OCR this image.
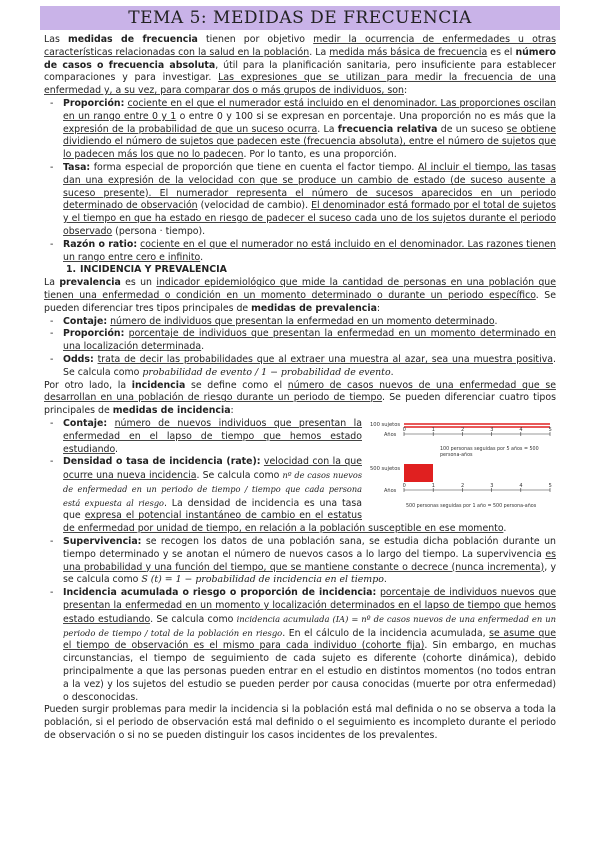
TEMA 5: MEDIDAS DE FRECUENCIA

Las medidas de frecuencia tienen por objetivo medir la ocurrencia de enfermedades u otras características relacionadas con la salud en la población. La medida más básica de frecuencia es el número de casos o frecuencia absoluta, útil para la planificación sanitaria, pero insuficiente para establecer comparaciones y para investigar. Las expresiones que se utilizan para medir la frecuencia de una enfermedad y, a su vez, para comparar dos o más grupos de individuos, son:

- Proporción: cociente en el que el numerador está incluido en el denominador. Las proporciones oscilan en un rango entre 0 y 1 o entre 0 y 100 si se expresan en porcentaje. Una proporción no es más que la expresión de la probabilidad de que un suceso ocurra. La frecuencia relativa de un suceso se obtiene dividiendo el número de sujetos que padecen este (frecuencia absoluta), entre el número de sujetos que lo padecen más los que no lo padecen. Por lo tanto, es una proporción.
- Tasa: forma especial de proporción que tiene en cuenta el factor tiempo. Al incluir el tiempo, las tasas dan una expresión de la velocidad con que se produce un cambio de estado (de suceso ausente a suceso presente). El numerador representa el número de sucesos aparecidos en un periodo determinado de observación (velocidad de cambio). El denominador está formado por el total de sujetos y el tiempo en que ha estado en riesgo de padecer el suceso cada uno de los sujetos durante el periodo observado (persona · tiempo).
- Razón o ratio: cociente en el que el numerador no está incluido en el denominador. Las razones tienen un rango entre cero e infinito.
1. INCIDENCIA Y PREVALENCIA

La prevalencia es un indicador epidemiológico que mide la cantidad de personas en una población que tienen una enfermedad o condición en un momento determinado o durante un periodo específico. Se pueden diferenciar tres tipos principales de medidas de prevalencia:

- Contaje: número de individuos que presentan la enfermedad en un momento determinado.
- Proporción: porcentaje de individuos que presentan la enfermedad en un momento determinado en una localización determinada.
- Odds: trata de decir las probabilidades que al extraer una muestra al azar, sea una muestra positiva. Se calcula como probabilidad de evento / 1 − probabilidad de evento.

Por otro lado, la incidencia se define como el número de casos nuevos de una enfermedad que se desarrollan en una población de riesgo durante un periodo de tiempo. Se pueden diferenciar cuatro tipos principales de medidas de incidencia:

100 sujetos
Años
0	1	2	3	4	5
100 personas seguidas por 5 años = 500
persona-años
500 sujetos
Años
0	1	2	3	4	5
500 personas seguidas por 1 año = 500 persona-años
- Contaje: número de nuevos individuos que presentan la enfermedad en el lapso de tiempo que hemos estado estudiando.
- Densidad o tasa de incidencia (rate): velocidad con la que ocurre una nueva incidencia. Se calcula como nº de casos nuevos de enfermedad en un periodo de tiempo / tiempo que cada persona está expuesta al riesgo. La densidad de incidencia es una tasa que expresa el potencial instantáneo de cambio en el estatus de enfermedad por unidad de tiempo, en relación a la población susceptible en ese momento.
- Supervivencia: se recogen los datos de una población sana, se estudia dicha población durante un tiempo determinado y se anotan el número de nuevos casos a lo largo del tiempo. La supervivencia es una probabilidad y una función del tiempo, que se mantiene constante o decrece (nunca incrementa), y se calcula como S (t) = 1 − probabilidad de incidencia en el tiempo.
- Incidencia acumulada o riesgo o proporción de incidencia: porcentaje de individuos nuevos que presentan la enfermedad en un momento y localización determinados en el lapso de tiempo que hemos estado estudiando. Se calcula como incidencia acumulada (IA) = nº de casos nuevos de una enfermedad en un periodo de tiempo / total de la población en riesgo. En el cálculo de la incidencia acumulada, se asume que el tiempo de observación es el mismo para cada individuo (cohorte fija). Sin embargo, en muchas circunstancias, el tiempo de seguimiento de cada sujeto es diferente (cohorte dinámica), debido principalmente a que las personas pueden entrar en el estudio en distintos momentos (no todos entran a la vez) y los sujetos del estudio se pueden perder por causa conocidas (muerte por otra enfermedad) o desconocidas.

Pueden surgir problemas para medir la incidencia si la población está mal definida o no se observa a toda la población, si el periodo de observación está mal definido o el seguimiento es incompleto durante el periodo de observación o si no se pueden distinguir los casos incidentes de los prevalentes.
